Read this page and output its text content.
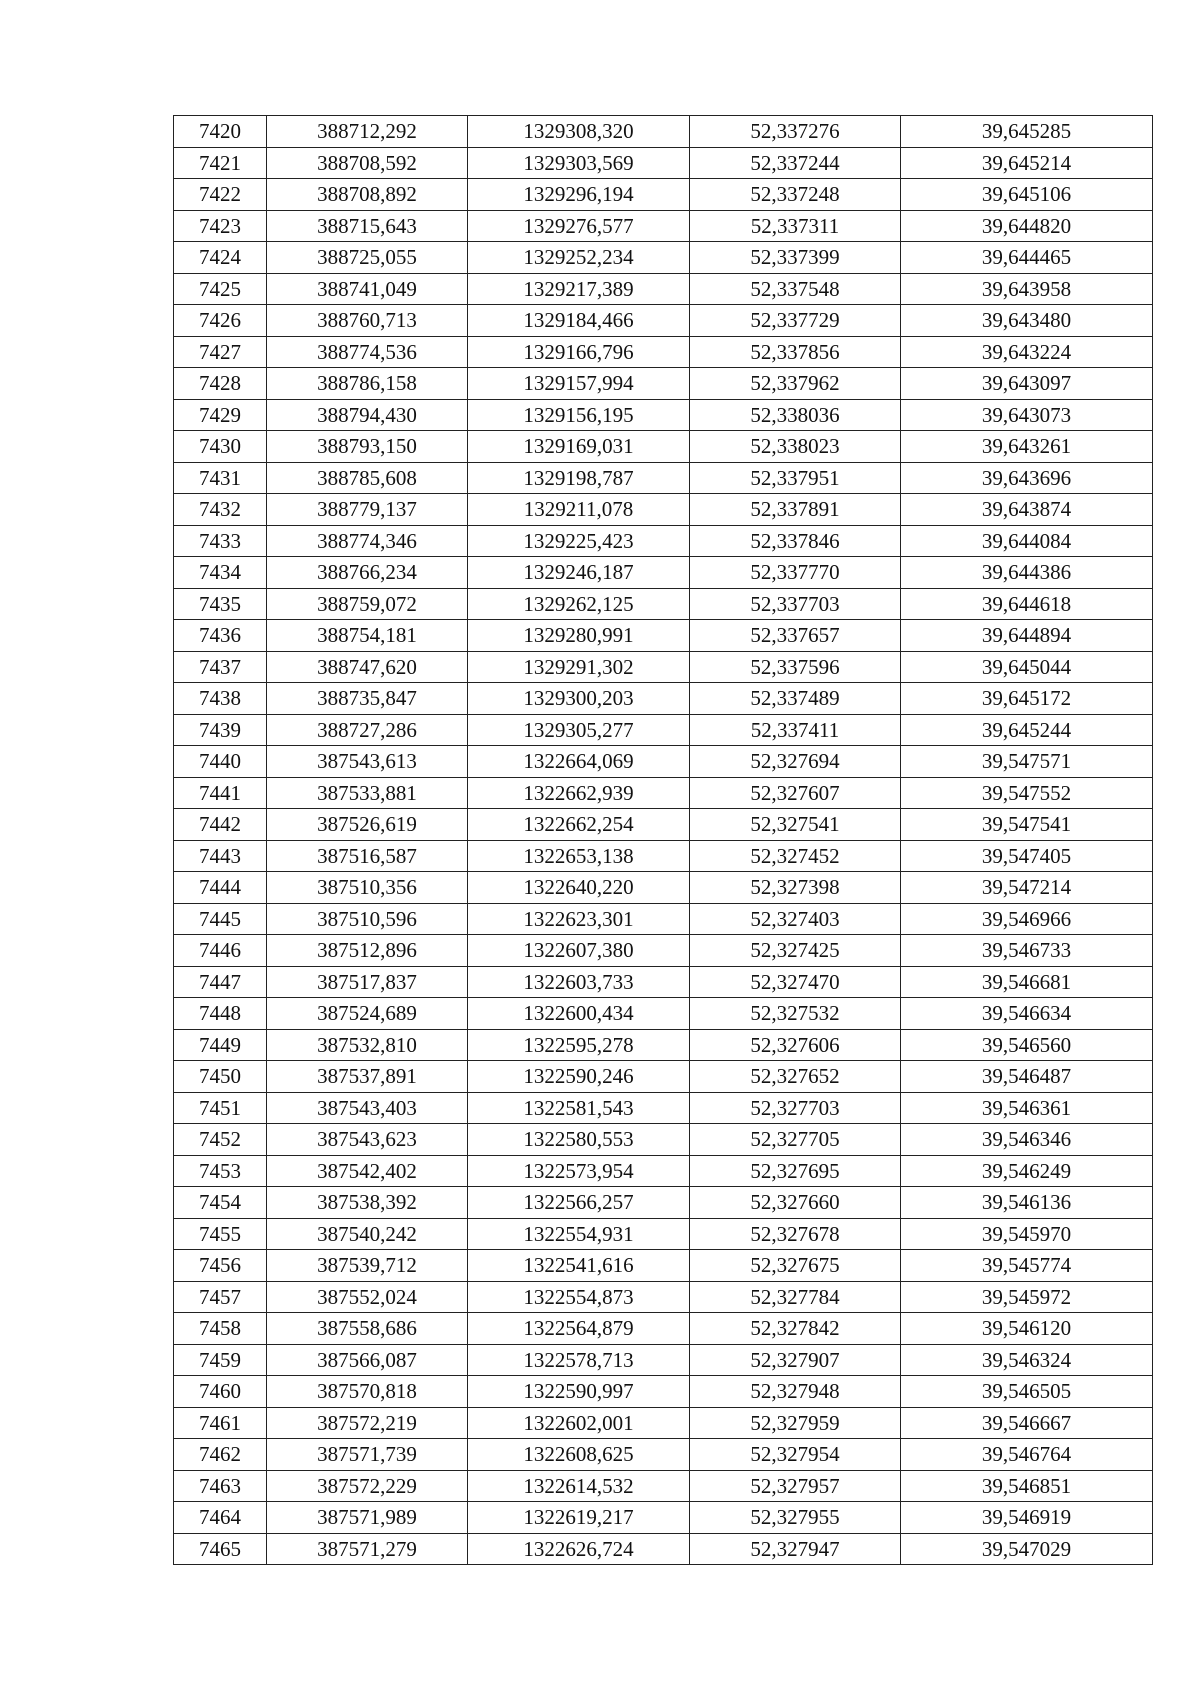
7420	388712,292	1329308,320	52,337276	39,645285
7421	388708,592	1329303,569	52,337244	39,645214
7422	388708,892	1329296,194	52,337248	39,645106
7423	388715,643	1329276,577	52,337311	39,644820
7424	388725,055	1329252,234	52,337399	39,644465
7425	388741,049	1329217,389	52,337548	39,643958
7426	388760,713	1329184,466	52,337729	39,643480
7427	388774,536	1329166,796	52,337856	39,643224
7428	388786,158	1329157,994	52,337962	39,643097
7429	388794,430	1329156,195	52,338036	39,643073
7430	388793,150	1329169,031	52,338023	39,643261
7431	388785,608	1329198,787	52,337951	39,643696
7432	388779,137	1329211,078	52,337891	39,643874
7433	388774,346	1329225,423	52,337846	39,644084
7434	388766,234	1329246,187	52,337770	39,644386
7435	388759,072	1329262,125	52,337703	39,644618
7436	388754,181	1329280,991	52,337657	39,644894
7437	388747,620	1329291,302	52,337596	39,645044
7438	388735,847	1329300,203	52,337489	39,645172
7439	388727,286	1329305,277	52,337411	39,645244
7440	387543,613	1322664,069	52,327694	39,547571
7441	387533,881	1322662,939	52,327607	39,547552
7442	387526,619	1322662,254	52,327541	39,547541
7443	387516,587	1322653,138	52,327452	39,547405
7444	387510,356	1322640,220	52,327398	39,547214
7445	387510,596	1322623,301	52,327403	39,546966
7446	387512,896	1322607,380	52,327425	39,546733
7447	387517,837	1322603,733	52,327470	39,546681
7448	387524,689	1322600,434	52,327532	39,546634
7449	387532,810	1322595,278	52,327606	39,546560
7450	387537,891	1322590,246	52,327652	39,546487
7451	387543,403	1322581,543	52,327703	39,546361
7452	387543,623	1322580,553	52,327705	39,546346
7453	387542,402	1322573,954	52,327695	39,546249
7454	387538,392	1322566,257	52,327660	39,546136
7455	387540,242	1322554,931	52,327678	39,545970
7456	387539,712	1322541,616	52,327675	39,545774
7457	387552,024	1322554,873	52,327784	39,545972
7458	387558,686	1322564,879	52,327842	39,546120
7459	387566,087	1322578,713	52,327907	39,546324
7460	387570,818	1322590,997	52,327948	39,546505
7461	387572,219	1322602,001	52,327959	39,546667
7462	387571,739	1322608,625	52,327954	39,546764
7463	387572,229	1322614,532	52,327957	39,546851
7464	387571,989	1322619,217	52,327955	39,546919
7465	387571,279	1322626,724	52,327947	39,547029
